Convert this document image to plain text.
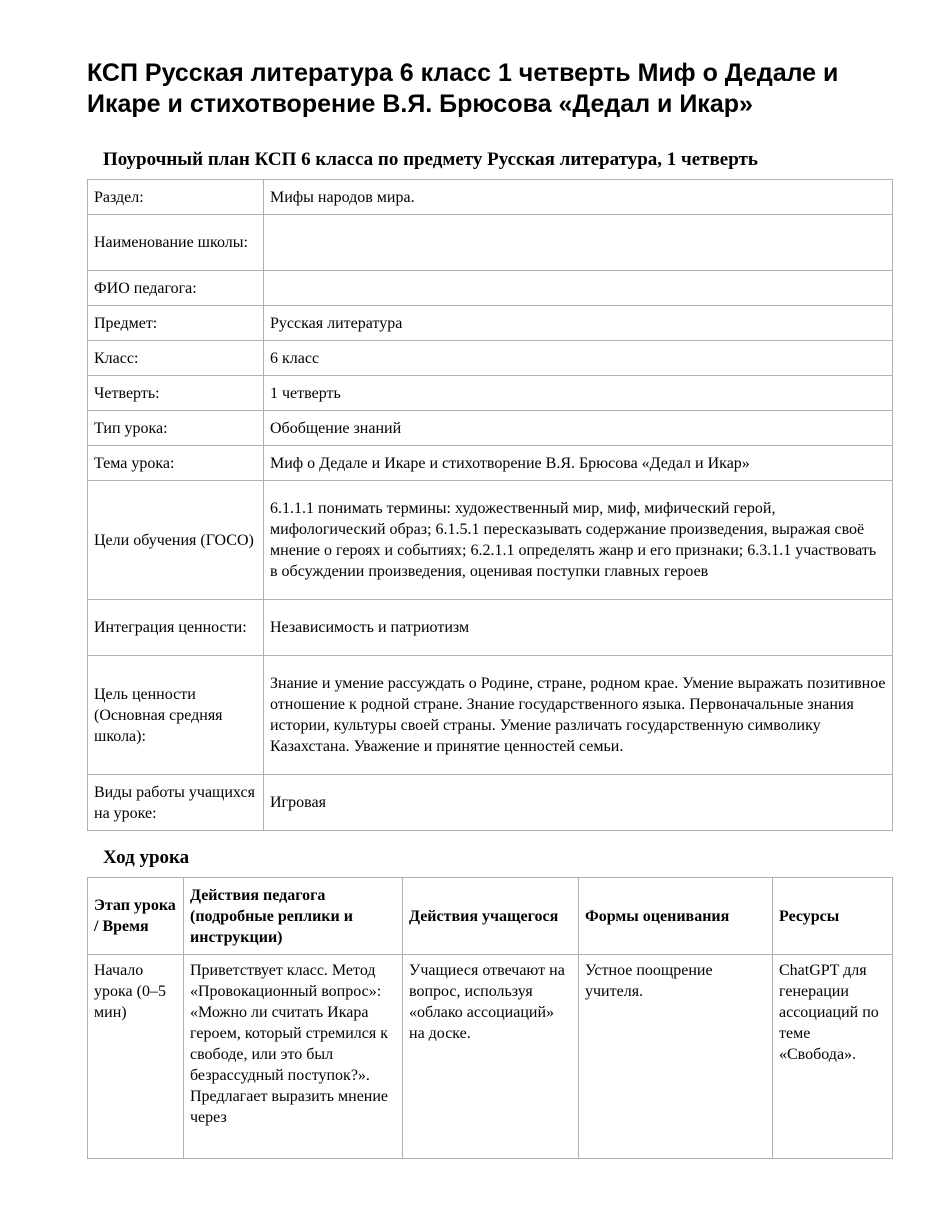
КСП Русская литература 6 класс 1 четверть Миф о Дедале и Икаре и стихотворение В.Я. Брюсова «Дедал и Икар»

Поурочный план КСП 6 класса по предмету Русская литература, 1 четверть

Раздел:	Мифы народов мира.
Наименование школы:	
ФИО педагога:	
Предмет:	Русская литература
Класс:	6 класс
Четверть:	1 четверть
Тип урока:	Обобщение знаний
Тема урока:	Миф о Дедале и Икаре и стихотворение В.Я. Брюсова «Дедал и Икар»
Цели обучения (ГОСО)	6.1.1.1 понимать термины: художественный мир, миф, мифический герой, мифологический образ; 6.1.5.1 пересказывать содержание произведения, выражая своё мнение о героях и событиях; 6.2.1.1 определять жанр и его признаки; 6.3.1.1 участвовать в обсуждении произведения, оценивая поступки главных героев
Интеграция ценности:	Независимость и патриотизм
Цель ценности (Основная средняя школа):	Знание и умение рассуждать о Родине, стране, родном крае. Умение выражать позитивное отношение к родной стране. Знание государственного языка. Первоначальные знания истории, культуры своей страны. Умение различать государственную символику Казахстана. Уважение и принятие ценностей семьи.
Виды работы учащихся на уроке:	Игровая

Ход урока

Этап урока / Время	Действия педагога (подробные реплики и инструкции)	Действия учащегося	Формы оценивания	Ресурсы
Начало урока (0–5 мин)	Приветствует класс. Метод «Провокационный вопрос»: «Можно ли считать Икара героем, который стремился к свободе, или это был безрассудный поступок?». Предлагает выразить мнение через	Учащиеся отвечают на вопрос, используя «облако ассоциаций» на доске.	Устное поощрение учителя.	ChatGPT для генерации ассоциаций по теме «Свобода».
